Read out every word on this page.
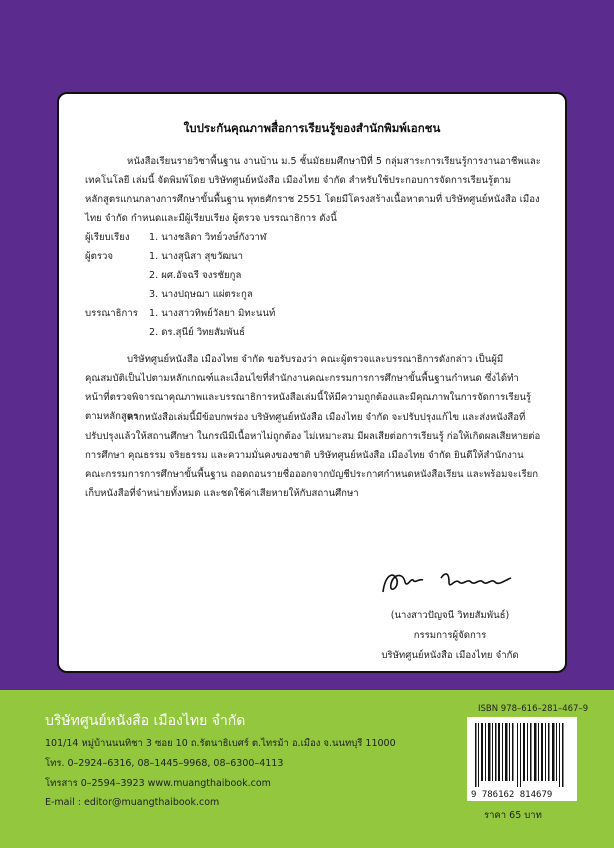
ใบประกันคุณภาพสื่อการเรียนรู้ของสำนักพิมพ์เอกชน
หนังสือเรียนรายวิชาพื้นฐาน งานบ้าน ม.5 ชั้นมัธยมศึกษาปีที่ 5 กลุ่มสาระการเรียนรู้การงานอาชีพและเทคโนโลยี เล่มนี้ จัดพิมพ์โดย บริษัทศูนย์หนังสือ เมืองไทย จำกัด สำหรับใช้ประกอบการจัดการเรียนรู้ตามหลักสูตรแกนกลางการศึกษาขั้นพื้นฐาน พุทธศักราช 2551 โดยมีโครงสร้างเนื้อหาตามที่ บริษัทศูนย์หนังสือ เมืองไทย จำกัด กำหนดและมีผู้เรียบเรียง ผู้ตรวจ บรรณาธิการ ดังนี้
ผู้เรียบเรียง 1. นางชลิดา วิทย์วงษ์กังวาฬ
ผู้ตรวจ	1. นางสุนิสา สุขวัฒนา
2. ผศ.อัจฉรี จงรชัยกูล
3. นางปฤษฌา แผ่ตระกูล
บรรณาธิการ 1. นางสาวทิพย์วัลยา มิทะนนท์
2. ดร.สุนีย์ วิทยสัมพันธ์
บริษัทศูนย์หนังสือ เมืองไทย จำกัด ขอรับรองว่า คณะผู้ตรวจและบรรณาธิการดังกล่าว เป็นผู้มีคุณสมบัติเป็นไปตามหลักเกณฑ์และเงื่อนไขที่สำนักงานคณะกรรมการการศึกษาขั้นพื้นฐานกำหนด ซึ่งได้ทำหน้าที่ตรวจพิจารณาคุณภาพและบรรณาธิการหนังสือเล่มนี้ให้มีความถูกต้องและมีคุณภาพในการจัดการเรียนรู้ตามหลักสูตร
หากหนังสือเล่มนี้มีข้อบกพร่อง บริษัทศูนย์หนังสือ เมืองไทย จำกัด จะปรับปรุงแก้ไข และส่งหนังสือที่ปรับปรุงแล้วให้สถานศึกษา ในกรณีมีเนื้อหาไม่ถูกต้อง ไม่เหมาะสม มีผลเสียต่อการเรียนรู้ ก่อให้เกิดผลเสียหายต่อการศึกษา คุณธรรม จริยธรรม และความมั่นคงของชาติ บริษัทศูนย์หนังสือ เมืองไทย จำกัด ยินดีให้สำนักงานคณะกรรมการการศึกษาขั้นพื้นฐาน ถอดถอนรายชื่อออกจากบัญชีประกาศกำหนดหนังสือเรียน และพร้อมจะเรียกเก็บหนังสือที่จำหน่ายทั้งหมด และชดใช้ค่าเสียหายให้กับสถานศึกษา
(นางสาวปัญจนี วิทยสัมพันธ์)
กรรมการผู้จัดการ
บริษัทศูนย์หนังสือ เมืองไทย จำกัด
บริษัทศูนย์หนังสือ เมืองไทย จำกัด
101/14 หมู่บ้านนนทิชา 3 ซอย 10 ถ.รัตนาธิเบศร์ ต.ไทรม้า อ.เมือง จ.นนทบุรี 11000
โทร. 0–2924–6316, 08–1445–9968, 08–6300–4113
โทรสาร 0–2594–3923 www.muangthaibook.com
E-mail : editor@muangthaibook.com
ISBN 978–616–281–467–9
9 786162 814679
ราคา 65 บาท
